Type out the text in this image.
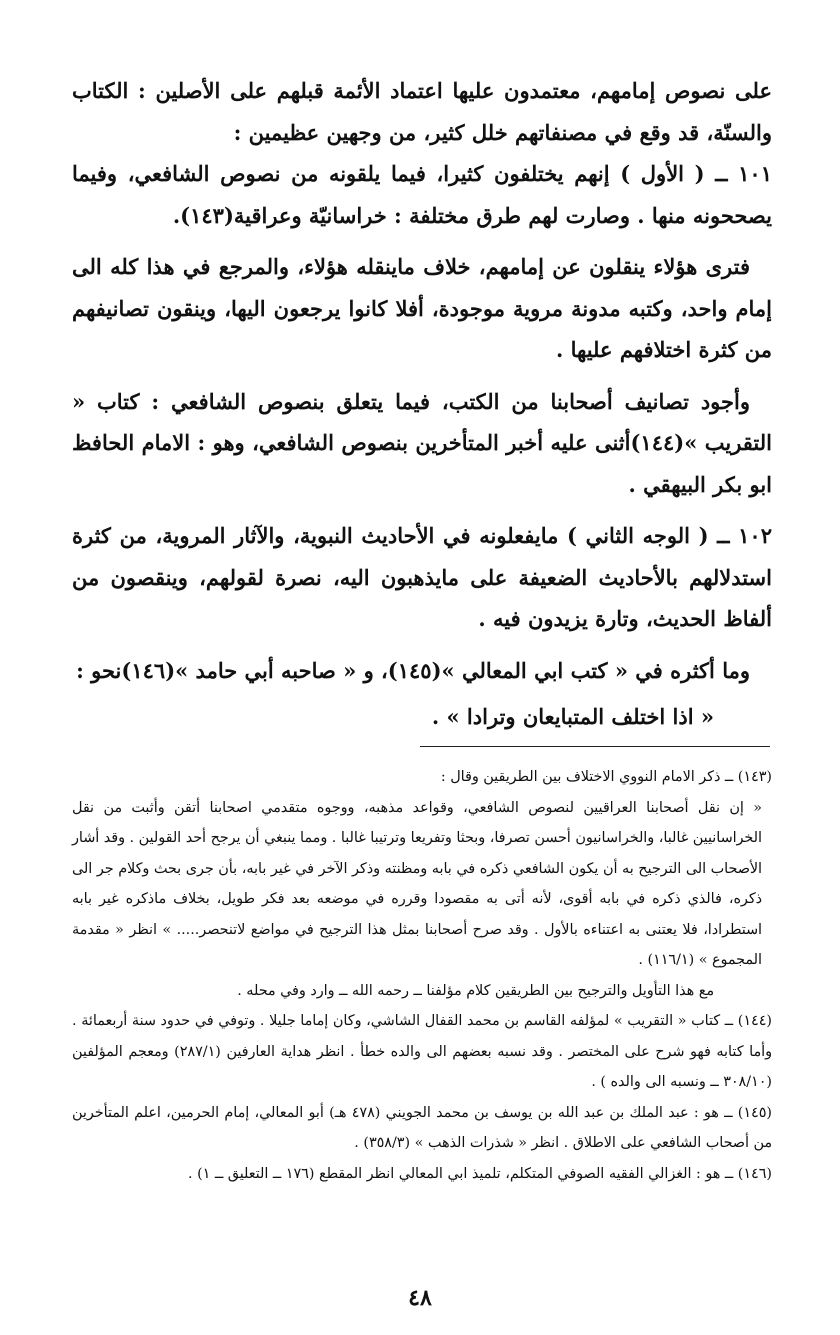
على نصوص إمامهم، معتمدون عليها اعتماد الأئمة قبلهم على الأصلين : الكتاب والسنّة، قد وقع في مصنفاتهم خلل كثير، من وجهين عظيمين :

١٠١ ــ ( الأول ) إنهم يختلفون كثيرا، فيما يلقونه من نصوص الشافعي، وفيما يصححونه منها . وصارت لهم طرق مختلفة : خراسانيّة وعراقية(١٤٣).

فترى هؤلاء ينقلون عن إمامهم، خلاف ماينقله هؤلاء، والمرجع في هذا كله الى إمام واحد، وكتبه مدونة مروية موجودة، أفلا كانوا يرجعون اليها، وينقون تصانيفهم من كثرة اختلافهم عليها .

وأجود تصانيف أصحابنا من الكتب، فيما يتعلق بنصوص الشافعي : كتاب « التقريب »(١٤٤)أثنى عليه أخبر المتأخرين بنصوص الشافعي، وهو : الامام الحافظ ابو بكر البيهقي .

١٠٢ ــ ( الوجه الثاني ) مايفعلونه في الأحاديث النبوية، والآثار المروية، من كثرة استدلالهم بالأحاديث الضعيفة على مايذهبون اليه، نصرة لقولهم، وينقصون من ألفاظ الحديث، وتارة يزيدون فيه .

وما أكثره في « كتب ابي المعالي »(١٤٥)، و « صاحبه أبي حامد »(١٤٦)نحو :

« اذا اختلف المتبايعان وترادا » .

(١٤٣) ــ ذكر الامام النووي الاختلاف بين الطريقين وقال :

« إن نقل أصحابنا العراقيين لنصوص الشافعي، وقواعد مذهبه، ووجوه متقدمي اصحابنا أتقن وأثبت من نقل الخراسانيين غالبا، والخراسانيون أحسن تصرفا، وبحثا وتفريعا وترتيبا غالبا . ومما ينبغي أن يرجح أحد القولين . وقد أشار الأصحاب الى الترجيح به أن يكون الشافعي ذكره في بابه ومظنته وذكر الآخر في غير بابه، بأن جرى بحث وكلام جر الى ذكره، فالذي ذكره في بابه أقوى، لأنه أتى به مقصودا وقرره في موضعه بعد فكر طويل، بخلاف ماذكره غير بابه استطرادا، فلا يعتنى به اعتناءه بالأول . وقد صرح أصحابنا بمثل هذا الترجيح في مواضع لاتنحصر..... » انظر « مقدمة المجموع » (١١٦/١) .

مع هذا التأويل والترجيح بين الطريقين كلام مؤلفنا ــ رحمه الله ــ وارد وفي محله .

(١٤٤) ــ كتاب « التقريب » لمؤلفه القاسم بن محمد القفال الشاشي، وكان إماما جليلا . وتوفي في حدود سنة أربعمائة . وأما كتابه فهو شرح على المختصر . وقد نسبه بعضهم الى والده خطأ . انظر هداية العارفين (٢٨٧/١) ومعجم المؤلفين (٣٠٨/١٠ ــ ونسبه الى والده ) .

(١٤٥) ــ هو : عبد الملك بن عبد الله بن يوسف بن محمد الجويني (٤٧٨ هـ) أبو المعالي، إمام الحرمين، اعلم المتأخرين من أصحاب الشافعي على الاطلاق . انظر « شذرات الذهب » (٣٥٨/٣) .

(١٤٦) ــ هو : الغزالي الفقيه الصوفي المتكلم، تلميذ ابي المعالي انظر المقطع (١٧٦ ــ التعليق ــ ١) .

٤٨
